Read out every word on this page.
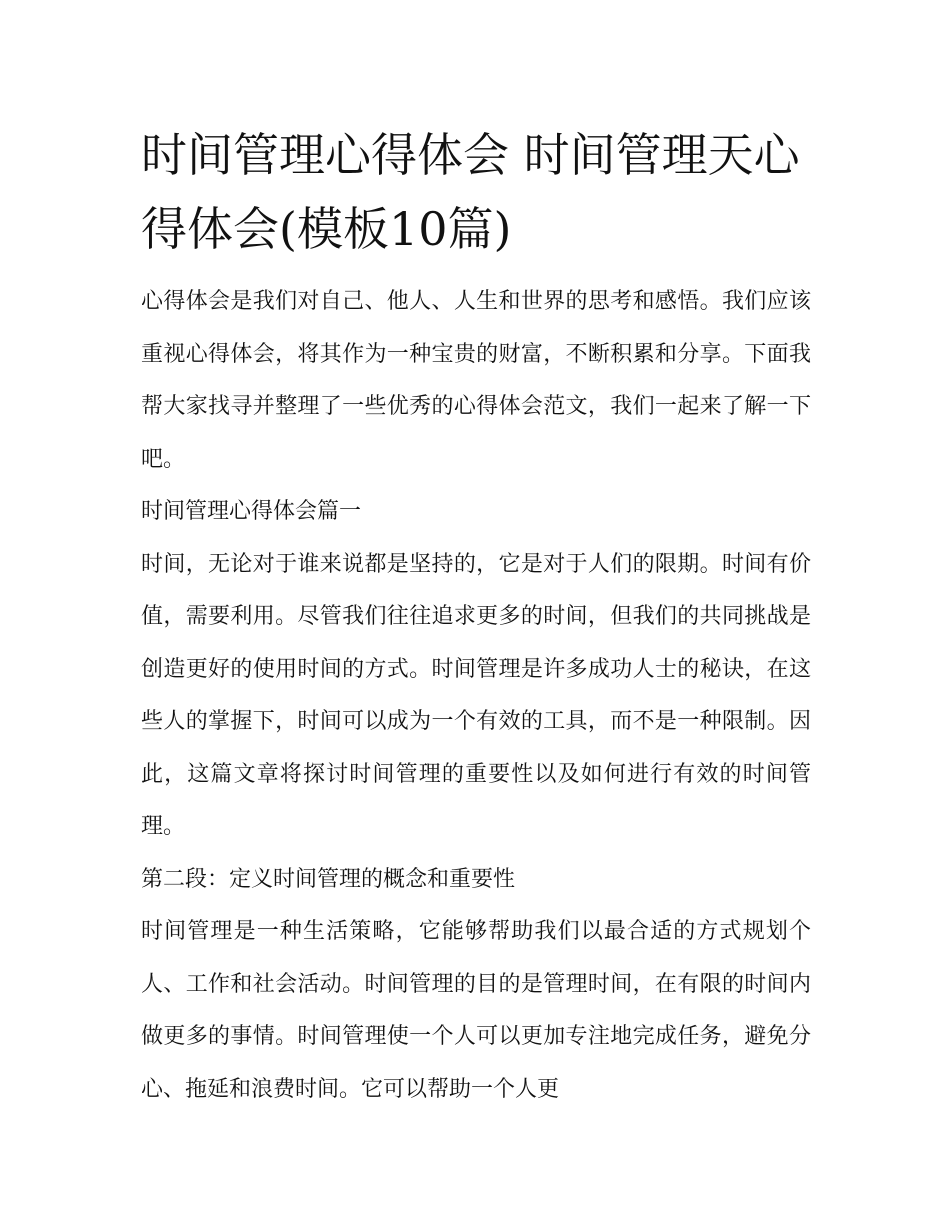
时间管理心得体会 时间管理天心得体会(模板10篇)

心得体会是我们对自己、他人、人生和世界的思考和感悟。我们应该重视心得体会，将其作为一种宝贵的财富，不断积累和分享。下面我帮大家找寻并整理了一些优秀的心得体会范文，我们一起来了解一下吧。

时间管理心得体会篇一

时间，无论对于谁来说都是坚持的，它是对于人们的限期。时间有价值，需要利用。尽管我们往往追求更多的时间，但我们的共同挑战是创造更好的使用时间的方式。时间管理是许多成功人士的秘诀，在这些人的掌握下，时间可以成为一个有效的工具，而不是一种限制。因此，这篇文章将探讨时间管理的重要性以及如何进行有效的时间管理。

第二段：定义时间管理的概念和重要性

时间管理是一种生活策略，它能够帮助我们以最合适的方式规划个人、工作和社会活动。时间管理的目的是管理时间，在有限的时间内做更多的事情。时间管理使一个人可以更加专注地完成任务，避免分心、拖延和浪费时间。它可以帮助一个人更
